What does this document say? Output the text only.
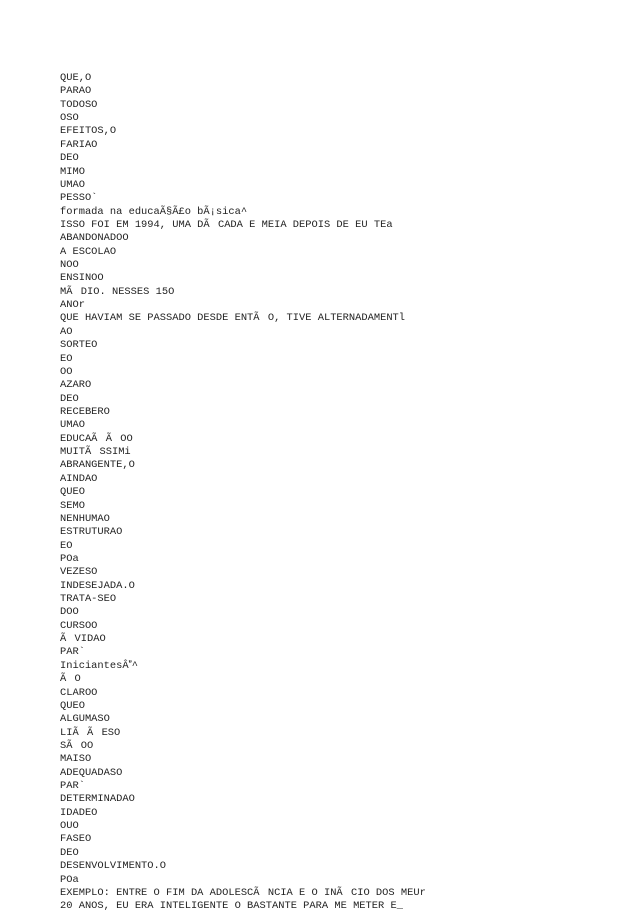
QUE,O
PARAO
TODOSO
OSO
EFEITOS,O
FARIAO
DEO
MIMO
UMAO
PESSO`
formada na educaÃ§Ã£o bÃ¡sica^
ISSO FOI EM 1994, UMA DÃCADA E MEIA DEPOIS DE EU TEa
ABANDONADOO
A ESCOLAO
NOO
ENSINOO
MÃDIO. NESSES 15O
ANOr
QUE HAVIAM SE PASSADO DESDE ENTÃO, TIVE ALTERNADAMENTl
AO
SORTEO
EO
OO
AZARO
DEO
RECEBERO
UMAO
EDUCAÃÃOO
MUITÃSSIMi
ABRANGENTE,O
AINDAO
QUEO
SEMO
NENHUMAO
ESTRUTURAO
EO
POa
VEZESO
INDESEJADA.O
TRATA-SEO
DOO
CURSOO
ÃVIDAO
PAR`
IniciantesÂ^
ÃO
CLAROO
QUEO
ALGUMASO
LIÃÃESO
SÃOO
MAISO
ADEQUADASO
PAR`
DETERMINADAO
IDADEO
OUO
FASEO
DEO
DESENVOLVIMENTO.O
POa
EXEMPLO: ENTRE O FIM DA ADOLESCÃNCIA E O INÃCIO DOS MEUr
20 ANOS, EU ERA INTELIGENTE O BASTANTE PARA ME METER E_
